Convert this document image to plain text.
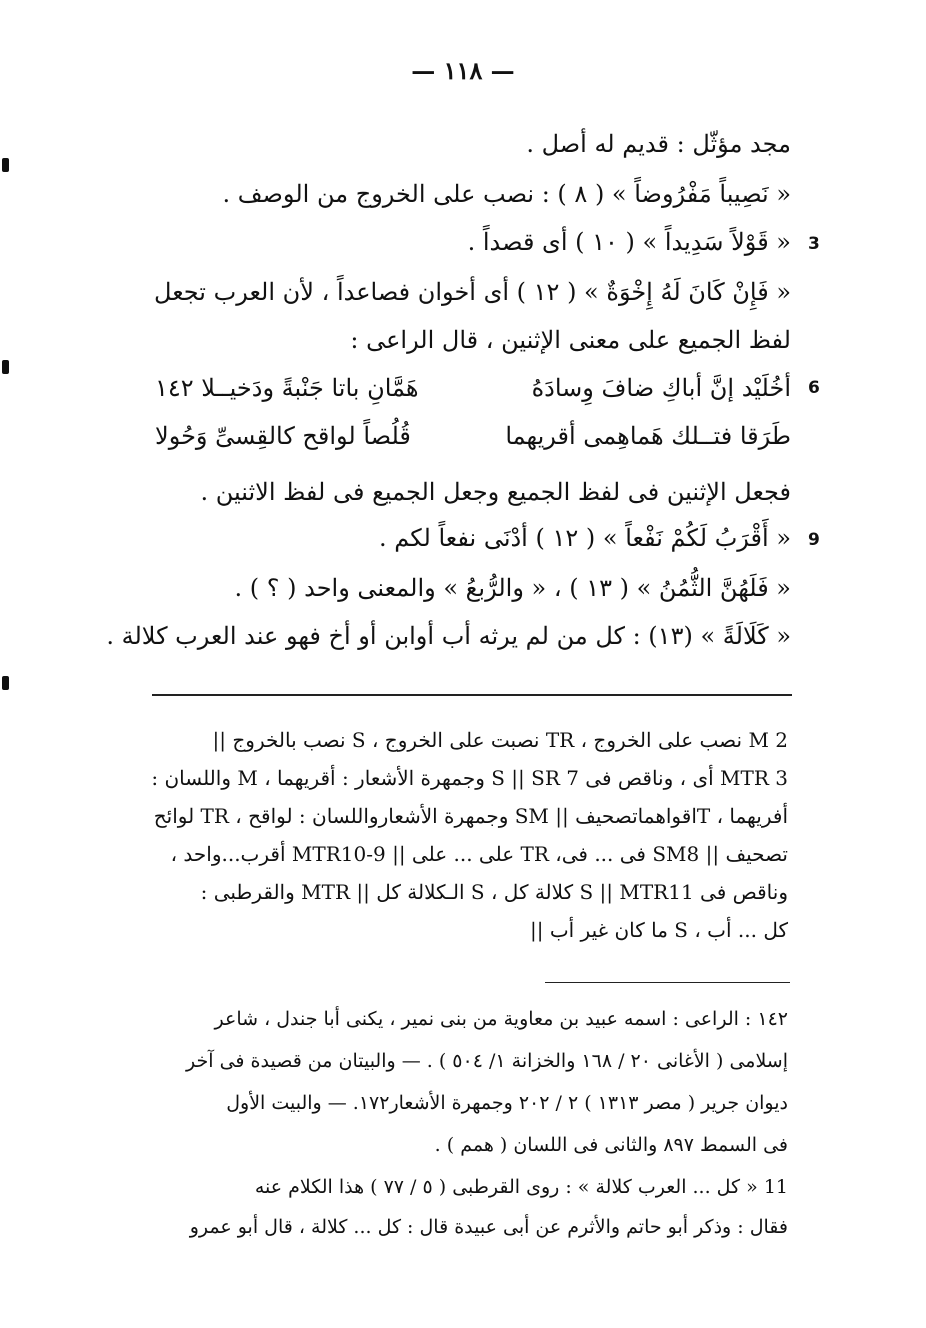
— ١١٨ —
مجد مؤثّل : قديم له أصل .
« نَصِيباً مَفْرُوضاً » ( ٨ ) : نصب على الخروج من الوصف .
« قَوْلاً سَدِيداً » ( ١٠ ) أى قصداً . 3
« فَإِنْ كَانَ لَهُ إِخْوَةٌ » ( ١٢ ) أى أخوان فصاعداً ، لأن العرب تجعل
لفظ الجميع على معنى الإثنين ، قال الراعى :
أخُلَيْد إنَّ أباكِ ضافَ وِسادَهُ
هَمَّانِ باتا جَنْبةً ودَخيــلا ١٤٢	6
طَرَقا فتــلك هَماهِمى أقريهما
قُلُصاً لواقح كالقِسىِّ وَحُولا
فجعل الإثنين فى لفظ الجميع وجعل الجميع فى لفظ الاثنين .
« أَقْرَبُ لَكُمْ نَفْعاً » ( ١٢ ) أدْنَى نفعاً لكم . 9
« فَلَهُنَّ الثُّمُنُ » ( ١٣ ) ، « والرُّبعُ » والمعنى واحد ( ؟ ) .
« كَلَالَةً » (١٣) : كل من لم يرثه أب أوابن أو أخ فهو عند العرب كلالة .
M 2 نصب على الخروج ، TR نصبت على الخروج ، S نصب بالخروج ||
MTR 3 أى ، وناقص فى S || SR 7 وجمهرة الأشعار : أقريهما ، M واللسان :
أفريهما ، Tاقواهماتصحيف || SM وجمهرة الأشعارواللسان : لواقح ، TR لوائح
تصحيف || SM8 فى ... فى، TR على ... على || MTR10-9 أقرب...واحد ،
وناقص فى S || MTR11 كلالة كل ، S الـكلالة كل || MTR والقرطبى :
كل ... أب ، S ما كان غير أب ||
١٤٢ : الراعى : اسمه عبيد بن معاوية من بنى نمير ، يكنى أبا جندل ، شاعر
إسلامى ( الأغانى ٢٠ / ١٦٨ والخزانة ١/ ٥٠٤ ) . — والبيتان من قصيدة فى آخر
ديوان جرير ( مصر ١٣١٣ ) ٢ / ٢٠٢ وجمهرة الأشعار١٧٢. — والبيت الأول
فى السمط ٨٩٧ والثانى فى اللسان ( همم ) .
11 « كل ... العرب كلالة » : روى القرطبى ( ٥ / ٧٧ ) هذا الكلام عنه
فقال : وذكر أبو حاتم والأثرم عن أبى عبيدة قال : كل ... كلالة ، قال أبو عمرو
